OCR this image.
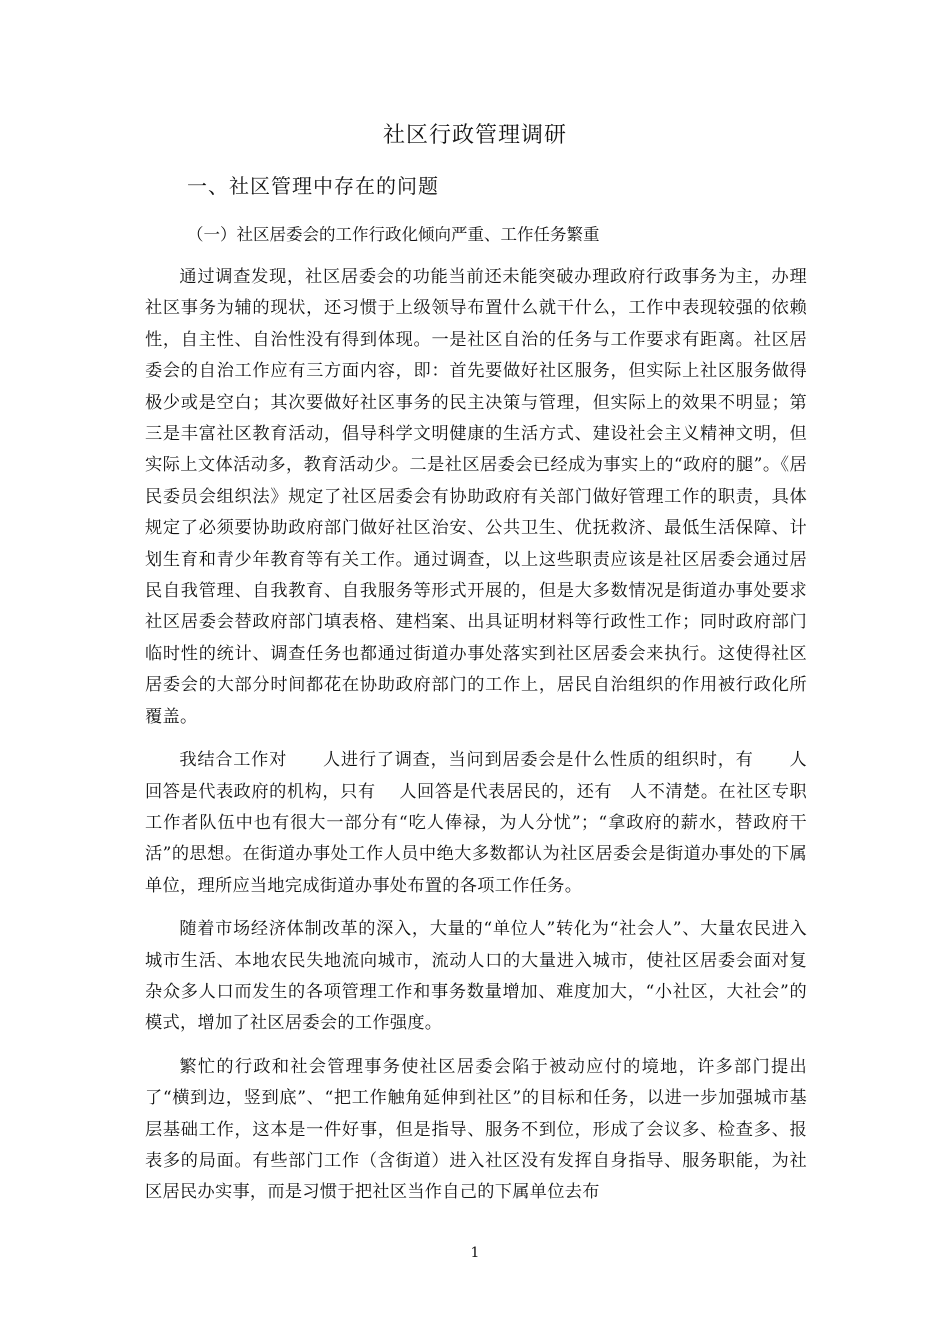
社区行政管理调研
一、社区管理中存在的问题
（一）社区居委会的工作行政化倾向严重、工作任务繁重

通过调查发现，社区居委会的功能当前还未能突破办理政府行政事务为主，办理社区事务为辅的现状，还习惯于上级领导布置什么就干什么，工作中表现较强的依赖性，自主性、自治性没有得到体现。一是社区自治的任务与工作要求有距离。社区居委会的自治工作应有三方面内容，即：首先要做好社区服务，但实际上社区服务做得极少或是空白；其次要做好社区事务的民主决策与管理，但实际上的效果不明显；第三是丰富社区教育活动，倡导科学文明健康的生活方式、建设社会主义精神文明，但实际上文体活动多，教育活动少。二是社区居委会已经成为事实上的“政府的腿”。《居民委员会组织法》规定了社区居委会有协助政府有关部门做好管理工作的职责，具体规定了必须要协助政府部门做好社区治安、公共卫生、优抚救济、最低生活保障、计划生育和青少年教育等有关工作。通过调查，以上这些职责应该是社区居委会通过居民自我管理、自我教育、自我服务等形式开展的，但是大多数情况是街道办事处要求社区居委会替政府部门填表格、建档案、出具证明材料等行政性工作；同时政府部门临时性的统计、调查任务也都通过街道办事处落实到社区居委会来执行。这使得社区居委会的大部分时间都花在协助政府部门的工作上，居民自治组织的作用被行政化所覆盖。

我结合工作对　　人进行了调查，当问到居委会是什么性质的组织时，有　　人回答是代表政府的机构，只有　 人回答是代表居民的，还有　人不清楚。在社区专职工作者队伍中也有很大一部分有“吃人俸禄，为人分忧”；“拿政府的薪水，替政府干活”的思想。在街道办事处工作人员中绝大多数都认为社区居委会是街道办事处的下属单位，理所应当地完成街道办事处布置的各项工作任务。

随着市场经济体制改革的深入，大量的“单位人”转化为“社会人”、大量农民进入城市生活、本地农民失地流向城市，流动人口的大量进入城市，使社区居委会面对复杂众多人口而发生的各项管理工作和事务数量增加、难度加大，“小社区，大社会”的模式，增加了社区居委会的工作强度。

繁忙的行政和社会管理事务使社区居委会陷于被动应付的境地，许多部门提出了“横到边，竖到底”、“把工作触角延伸到社区”的目标和任务，以进一步加强城市基层基础工作，这本是一件好事，但是指导、服务不到位，形成了会议多、检查多、报表多的局面。有些部门工作（含街道）进入社区没有发挥自身指导、服务职能，为社区居民办实事，而是习惯于把社区当作自己的下属单位去布

1
